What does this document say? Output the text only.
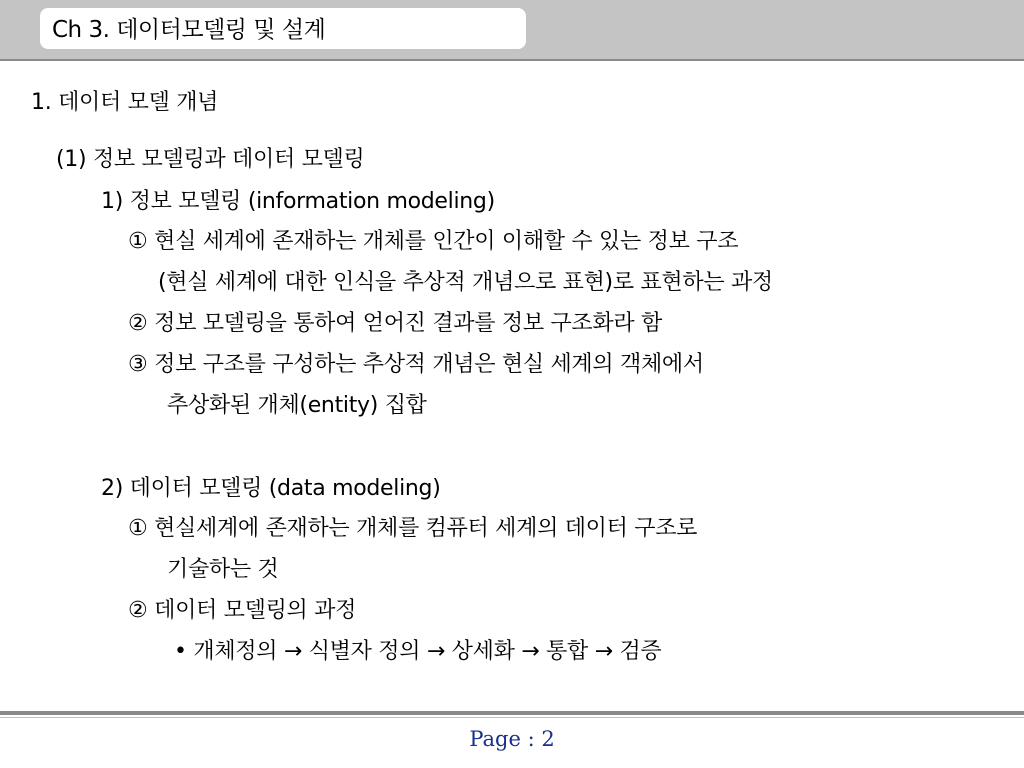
Ch 3. 데이터모델링 및 설계
1. 데이터 모델 개념
(1) 정보 모델링과 데이터 모델링
1) 정보 모델링 (information modeling)
① 현실 세계에 존재하는 개체를 인간이 이해할 수 있는 정보 구조
(현실 세계에 대한 인식을 추상적 개념으로 표현)로 표현하는 과정
② 정보 모델링을 통하여 얻어진 결과를 정보 구조화라 함
③ 정보 구조를 구성하는 추상적 개념은 현실 세계의 객체에서
추상화된 개체(entity) 집합
2) 데이터 모델링 (data modeling)
① 현실세계에 존재하는 개체를 컴퓨터 세계의 데이터 구조로
기술하는 것
② 데이터 모델링의 과정
• 개체정의 → 식별자 정의 → 상세화 → 통합 → 검증
Page : 2
